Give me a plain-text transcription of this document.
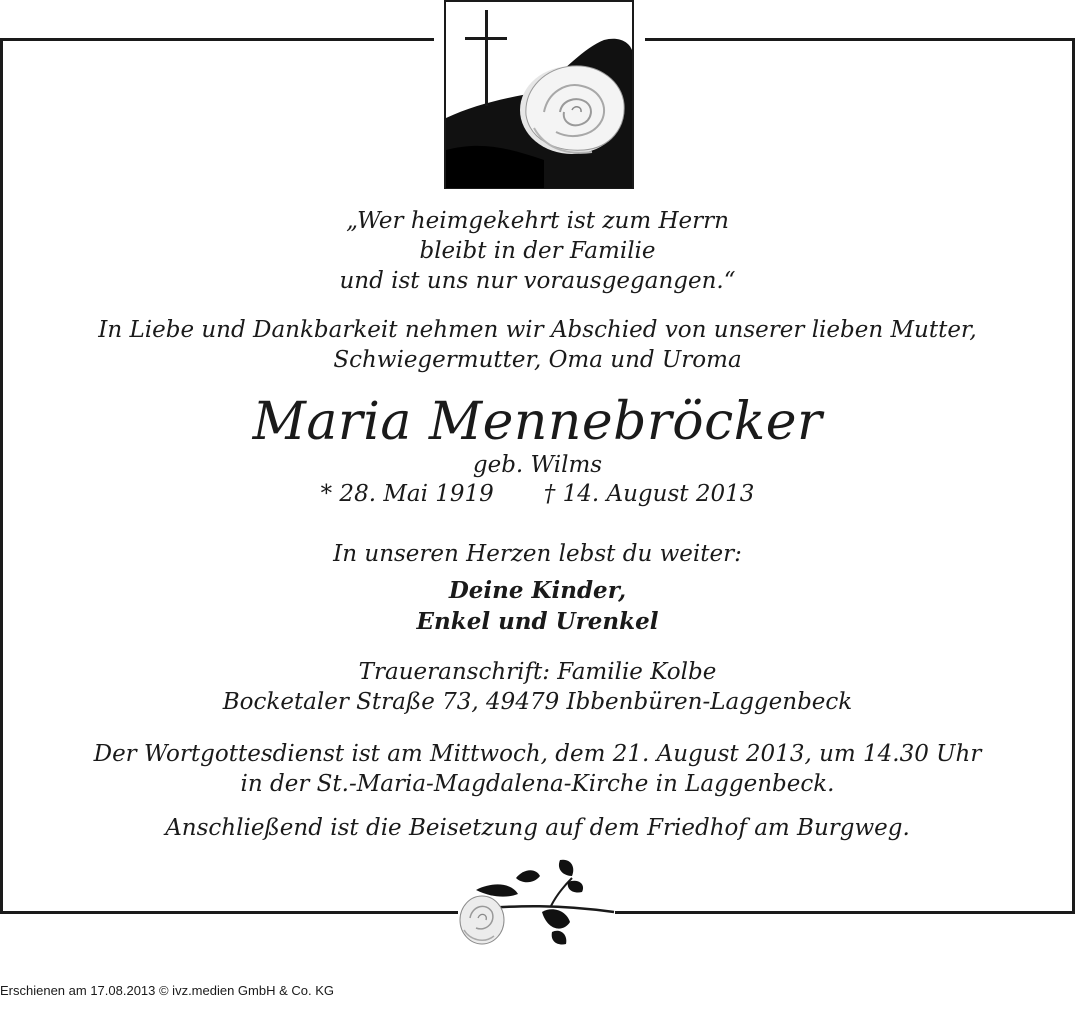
„Wer heimgekehrt ist zum Herrn
bleibt in der Familie
und ist uns nur vorausgegangen.“
In Liebe und Dankbarkeit nehmen wir Abschied von unserer lieben Mutter,
Schwiegermutter, Oma und Uroma
Maria Mennebröcker
geb. Wilms
* 28. Mai 1919 † 14. August 2013
In unseren Herzen lebst du weiter:
Deine Kinder,
Enkel und Urenkel
Traueranschrift: Familie Kolbe
Bocketaler Straße 73, 49479 Ibbenbüren-Laggenbeck
Der Wortgottesdienst ist am Mittwoch, dem 21. August 2013, um 14.30 Uhr
in der St.-Maria-Magdalena-Kirche in Laggenbeck.
Anschließend ist die Beisetzung auf dem Friedhof am Burgweg.
Erschienen am 17.08.2013 © ivz.medien GmbH & Co. KG
